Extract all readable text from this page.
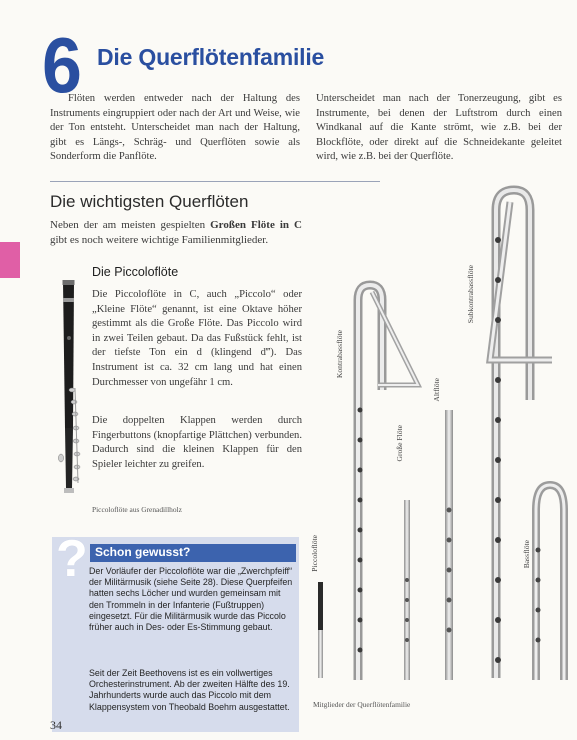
6 Die Querflötenfamilie
Flöten werden entweder nach der Haltung des Instruments eingruppiert oder nach der Art und Weise, wie der Ton entsteht. Unterscheidet man nach der Haltung, gibt es Längs-, Schräg- und Querflöten sowie als Sonderform die Panflöte.
Unterscheidet man nach der Tonerzeugung, gibt es Instrumente, bei denen der Luftstrom durch einen Windkanal auf die Kante strömt, wie z.B. bei der Blockflöte, oder direkt auf die Schneidekante geleitet wird, wie z.B. bei der Querflöte.
Die wichtigsten Querflöten
Neben der am meisten gespielten Großen Flöte in C gibt es noch weitere wichtige Familienmitglieder.
Die Piccoloflöte
Die Piccoloflöte in C, auch „Piccolo“ oder „Kleine Flöte“ genannt, ist eine Oktave höher gestimmt als die Große Flöte. Das Piccolo wird in zwei Teilen gebaut. Da das Fußstück fehlt, ist der tiefste Ton ein d (klingend d‴). Das Instrument ist ca. 32 cm lang und hat einen Durchmesser von ungefähr 1 cm.
Die doppelten Klappen werden durch Fingerbuttons (knopfartige Plättchen) verbunden. Dadurch sind die kleinen Klappen für den Spieler leichter zu greifen.
Piccoloflöte aus Grenadillholz
? Schon gewusst?
Der Vorläufer der Piccoloflöte war die „Zwerchpfeiff“ der Militärmusik (siehe Seite 28). Diese Querpfeifen hatten sechs Löcher und wurden gemeinsam mit den Trommeln in der Infanterie (Fußtruppen) eingesetzt. Für die Militärmusik wurde das Piccolo früher auch in Des- oder Es-Stimmung gebaut.
Seit der Zeit Beethovens ist es ein vollwertiges Orchesterinstrument. Ab der zweiten Hälfte des 19. Jahrhunderts wurde auch das Piccolo mit dem Klappensystem von Theobald Boehm ausgestattet.
Kontrabassflöte
Subkontrabassflöte
Große Flöte
Altflöte
Piccoloflöte	Bassflöte
Mitglieder der Querflötenfamilie
34
